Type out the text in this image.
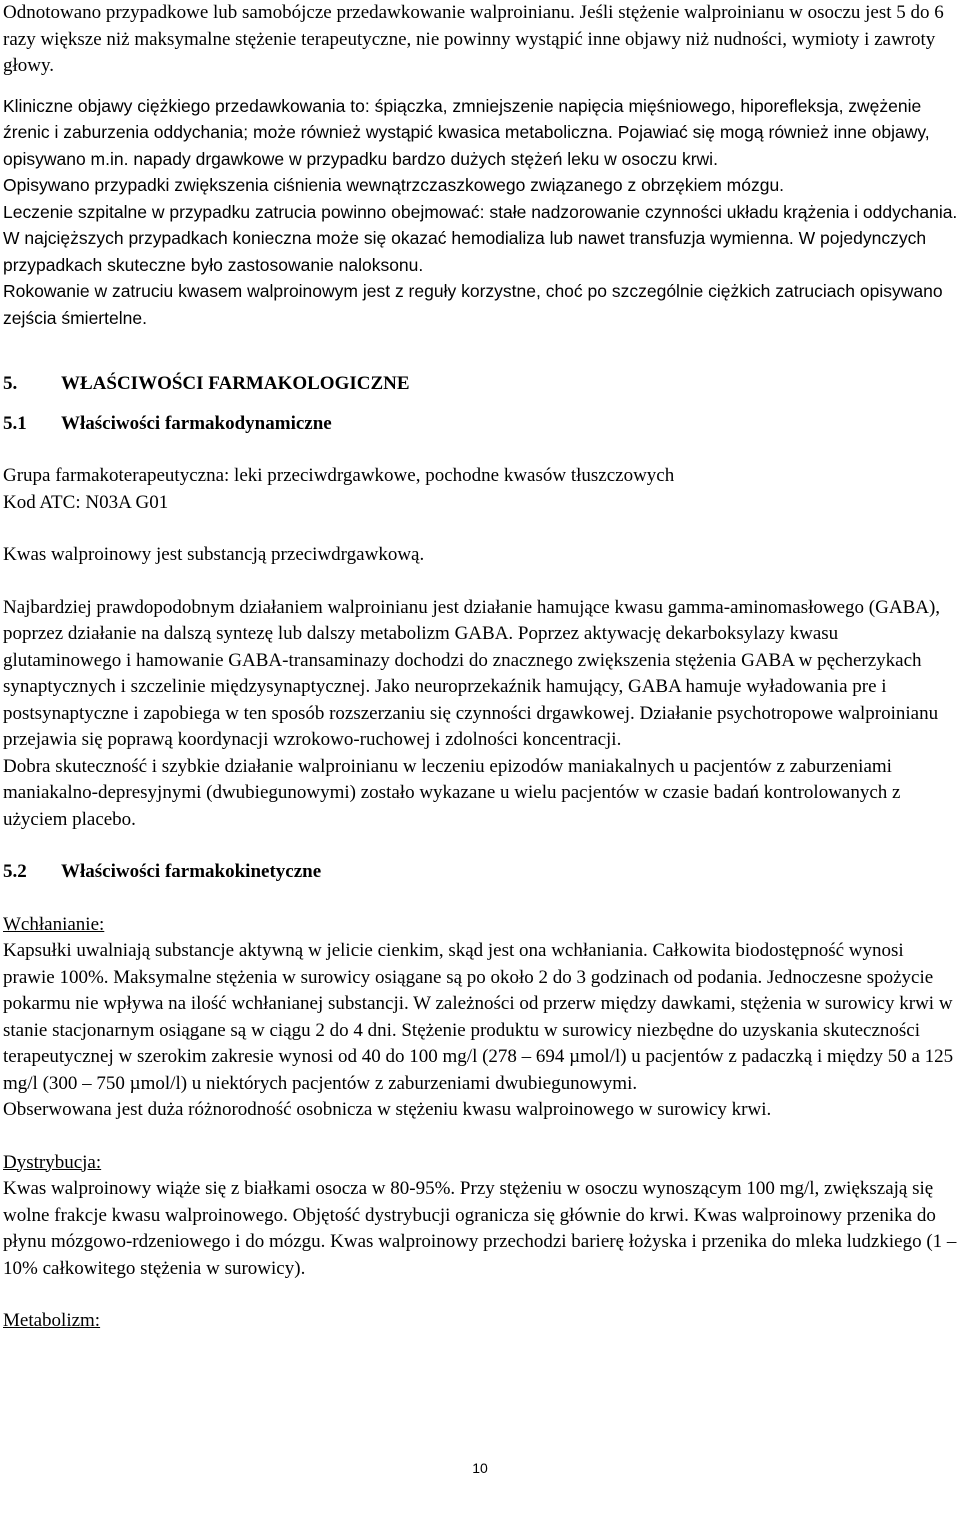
Odnotowano przypadkowe lub samobójcze przedawkowanie walproinianu. Jeśli stężenie walproinianu w osoczu jest 5 do 6 razy większe niż maksymalne stężenie terapeutyczne, nie powinny wystąpić inne objawy niż nudności, wymioty i zawroty głowy.

Kliniczne objawy ciężkiego przedawkowania to: śpiączka, zmniejszenie napięcia mięśniowego, hiporefleksja, zwężenie źrenic i zaburzenia oddychania; może również wystąpić kwasica metaboliczna. Pojawiać się mogą również inne objawy, opisywano m.in. napady drgawkowe w przypadku bardzo dużych stężeń leku w osoczu krwi.

Opisywano przypadki zwiększenia ciśnienia wewnątrzczaszkowego związanego z obrzękiem mózgu.

Leczenie szpitalne w przypadku zatrucia powinno obejmować: stałe nadzorowanie czynności układu krążenia i oddychania. W najcięższych przypadkach konieczna może się okazać hemodializa lub nawet transfuzja wymienna. W pojedynczych przypadkach skuteczne było zastosowanie naloksonu.

Rokowanie w zatruciu kwasem walproinowym jest z reguły korzystne, choć po szczególnie ciężkich zatruciach opisywano zejścia śmiertelne.

5.	WŁAŚCIWOŚCI FARMAKOLOGICZNE
5.1	Właściwości farmakodynamiczne

Grupa farmakoterapeutyczna: leki przeciwdrgawkowe, pochodne kwasów tłuszczowych

Kod ATC: N03A G01

Kwas walproinowy jest substancją przeciwdrgawkową.

Najbardziej prawdopodobnym działaniem walproinianu jest działanie hamujące kwasu gamma-aminomasłowego (GABA), poprzez działanie na dalszą syntezę lub dalszy metabolizm GABA. Poprzez aktywację dekarboksylazy kwasu glutaminowego i hamowanie GABA-transaminazy dochodzi do znacznego zwiększenia stężenia GABA w pęcherzykach synaptycznych i szczelinie międzysynaptycznej. Jako neuroprzekaźnik hamujący, GABA hamuje wyładowania pre i postsynaptyczne i zapobiega w ten sposób rozszerzaniu się czynności drgawkowej. Działanie psychotropowe walproinianu przejawia się poprawą koordynacji wzrokowo-ruchowej i zdolności koncentracji.

Dobra skuteczność i szybkie działanie walproinianu w leczeniu epizodów maniakalnych u pacjentów z zaburzeniami maniakalno-depresyjnymi (dwubiegunowymi) zostało wykazane u wielu pacjentów w czasie badań kontrolowanych z użyciem placebo.

5.2	Właściwości farmakokinetyczne

Wchłanianie:

Kapsułki uwalniają substancje aktywną w jelicie cienkim, skąd jest ona wchłaniania. Całkowita biodostępność wynosi prawie 100%. Maksymalne stężenia w surowicy osiągane są po około 2 do 3 godzinach od podania. Jednoczesne spożycie pokarmu nie wpływa na ilość wchłanianej substancji. W zależności od przerw między dawkami, stężenia w surowicy krwi w stanie stacjonarnym osiągane są w ciągu 2 do 4 dni. Stężenie produktu w surowicy niezbędne do uzyskania skuteczności terapeutycznej w szerokim zakresie wynosi od 40 do 100 mg/l (278 – 694 µmol/l) u pacjentów z padaczką i między 50 a 125 mg/l (300 – 750 µmol/l) u niektórych pacjentów z zaburzeniami dwubiegunowymi.

Obserwowana jest duża różnorodność osobnicza w stężeniu kwasu walproinowego w surowicy krwi.

Dystrybucja:

Kwas walproinowy wiąże się z białkami osocza w 80-95%. Przy stężeniu w osoczu wynoszącym 100 mg/l, zwiększają się wolne frakcje kwasu walproinowego. Objętość dystrybucji ogranicza się głównie do krwi. Kwas walproinowy przenika do płynu mózgowo-rdzeniowego i do mózgu. Kwas walproinowy przechodzi barierę łożyska i przenika do mleka ludzkiego (1 – 10% całkowitego stężenia w surowicy).

Metabolizm:

10
